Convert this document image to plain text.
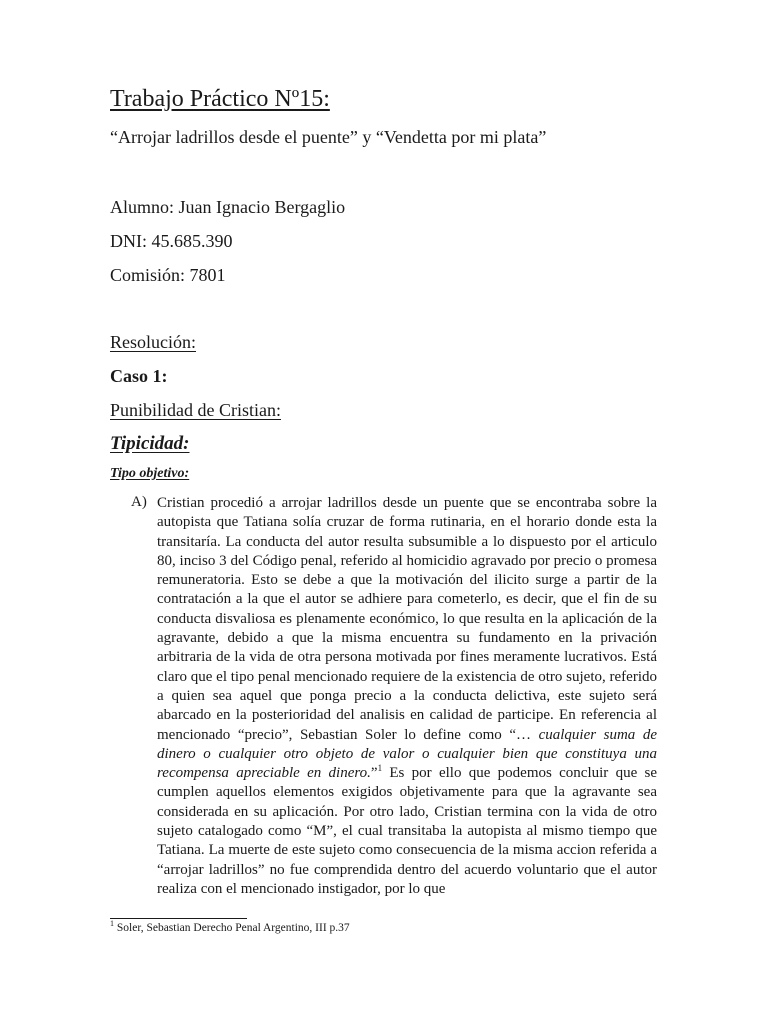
Trabajo Práctico Nº15:

“Arrojar ladrillos desde el puente” y “Vendetta por mi plata”

Alumno: Juan Ignacio Bergaglio

DNI: 45.685.390

Comisión: 7801

Resolución:

Caso 1:

Punibilidad de Cristian:

Tipicidad:

Tipo objetivo:

A) Cristian procedió a arrojar ladrillos desde un puente que se encontraba sobre la autopista que Tatiana solía cruzar de forma rutinaria, en el horario donde esta la transitaría. La conducta del autor resulta subsumible a lo dispuesto por el articulo 80, inciso 3 del Código penal, referido al homicidio agravado por precio o promesa remuneratoria. Esto se debe a que la motivación del ilicito surge a partir de la contratación a la que el autor se adhiere para cometerlo, es decir, que el fin de su conducta disvaliosa es plenamente económico, lo que resulta en la aplicación de la agravante, debido a que la misma encuentra su fundamento en la privación arbitraria de la vida de otra persona motivada por fines meramente lucrativos. Está claro que el tipo penal mencionado requiere de la existencia de otro sujeto, referido a quien sea aquel que ponga precio a la conducta delictiva, este sujeto será abarcado en la posterioridad del analisis en calidad de participe. En referencia al mencionado “precio”, Sebastian Soler lo define como “… cualquier suma de dinero o cualquier otro objeto de valor o cualquier bien que constituya una recompensa apreciable en dinero.”$^1$ Es por ello que podemos concluir que se cumplen aquellos elementos exigidos objetivamente para que la agravante sea considerada en su aplicación. Por otro lado, Cristian termina con la vida de otro sujeto catalogado como “M”, el cual transitaba la autopista al mismo tiempo que Tatiana. La muerte de este sujeto como consecuencia de la misma accion referida a “arrojar ladrillos” no fue comprendida dentro del acuerdo voluntario que el autor realiza con el mencionado instigador, por lo que

$^1$ Soler, Sebastian Derecho Penal Argentino, III p.37
